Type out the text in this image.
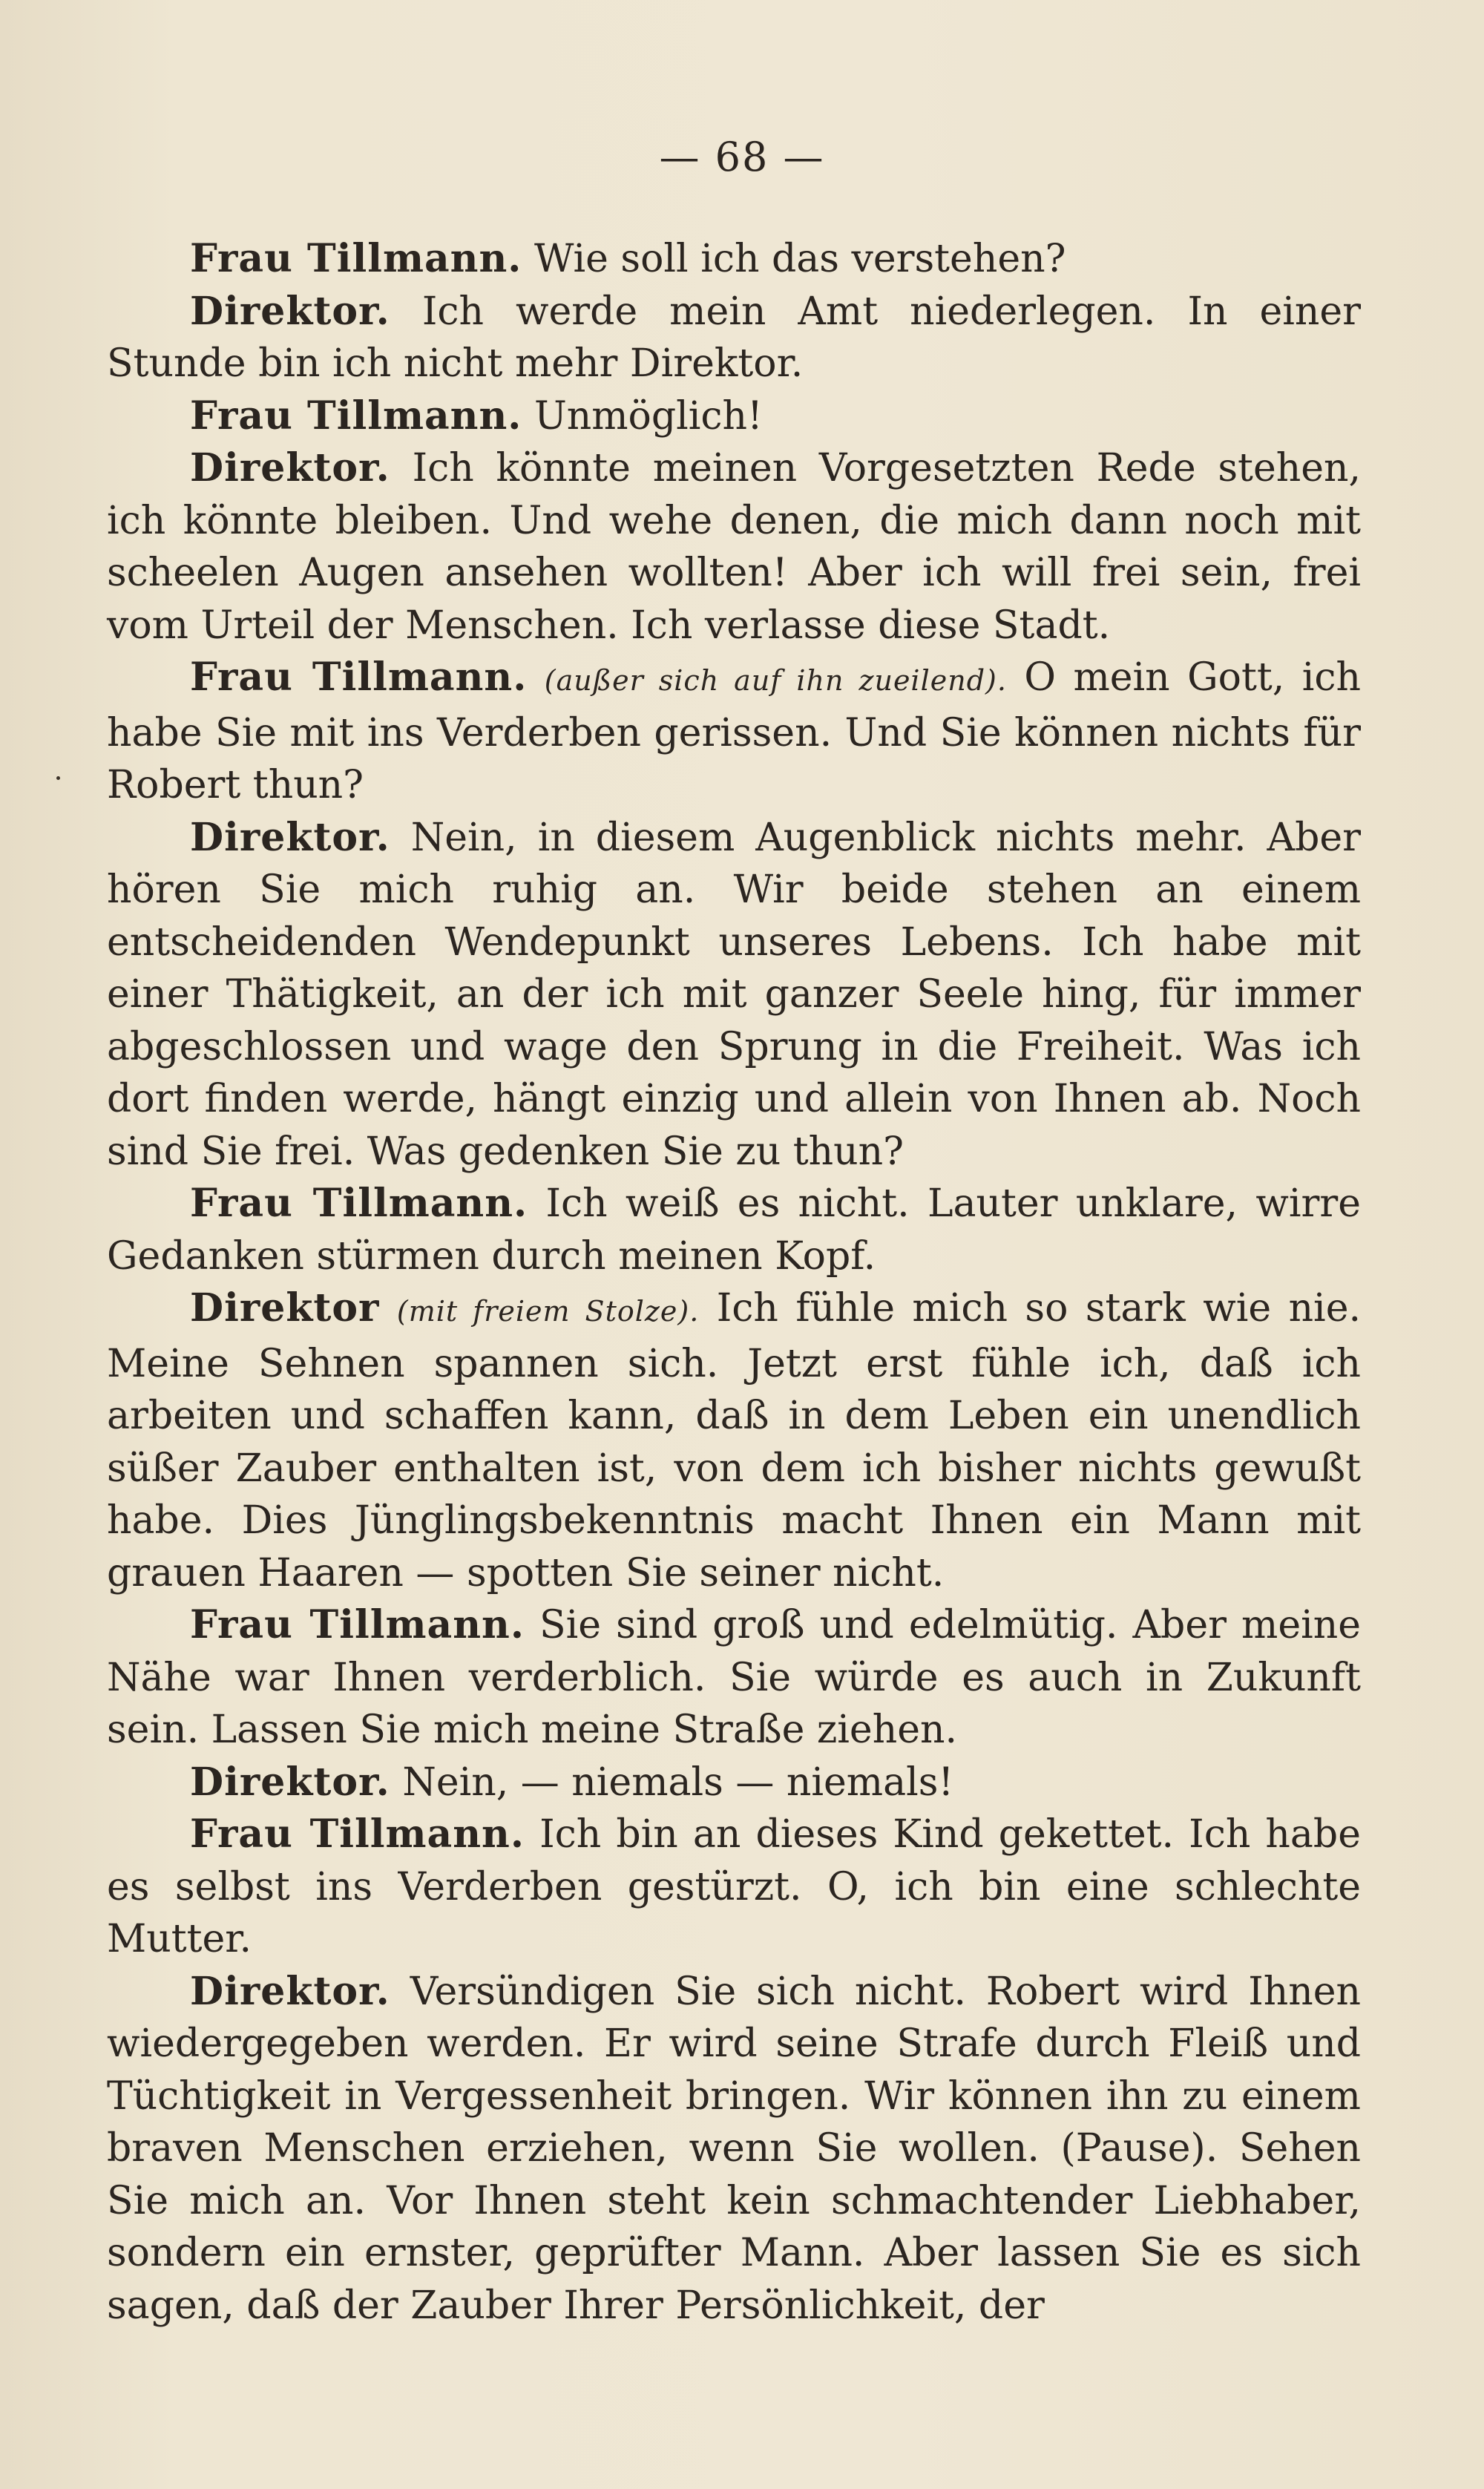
— 68 —

Frau Tillmann. Wie soll ich das verstehen?

Direktor. Ich werde mein Amt niederlegen. In einer Stunde bin ich nicht mehr Direktor.

Frau Tillmann. Unmöglich!

Direktor. Ich könnte meinen Vorgesetzten Rede stehen, ich könnte bleiben. Und wehe denen, die mich dann noch mit scheelen Augen ansehen wollten! Aber ich will frei sein, frei vom Urteil der Menschen. Ich verlasse diese Stadt.

Frau Tillmann. (außer sich auf ihn zueilend). O mein Gott, ich habe Sie mit ins Verderben gerissen. Und Sie können nichts für Robert thun?

Direktor. Nein, in diesem Augenblick nichts mehr. Aber hören Sie mich ruhig an. Wir beide stehen an einem entscheidenden Wendepunkt unseres Lebens. Ich habe mit einer Thätigkeit, an der ich mit ganzer Seele hing, für immer abgeschlossen und wage den Sprung in die Freiheit. Was ich dort finden werde, hängt einzig und allein von Ihnen ab. Noch sind Sie frei. Was gedenken Sie zu thun?

Frau Tillmann. Ich weiß es nicht. Lauter unklare, wirre Gedanken stürmen durch meinen Kopf.

Direktor (mit freiem Stolze). Ich fühle mich so stark wie nie. Meine Sehnen spannen sich. Jetzt erst fühle ich, daß ich arbeiten und schaffen kann, daß in dem Leben ein unendlich süßer Zauber enthalten ist, von dem ich bisher nichts gewußt habe. Dies Jünglingsbekenntnis macht Ihnen ein Mann mit grauen Haaren — spotten Sie seiner nicht.

Frau Tillmann. Sie sind groß und edelmütig. Aber meine Nähe war Ihnen verderblich. Sie würde es auch in Zukunft sein. Lassen Sie mich meine Straße ziehen.

Direktor. Nein, — niemals — niemals!

Frau Tillmann. Ich bin an dieses Kind gekettet. Ich habe es selbst ins Verderben gestürzt. O, ich bin eine schlechte Mutter.

Direktor. Versündigen Sie sich nicht. Robert wird Ihnen wiedergegeben werden. Er wird seine Strafe durch Fleiß und Tüchtigkeit in Vergessenheit bringen. Wir können ihn zu einem braven Menschen erziehen, wenn Sie wollen. (Pause). Sehen Sie mich an. Vor Ihnen steht kein schmachtender Liebhaber, sondern ein ernster, geprüfter Mann. Aber lassen Sie es sich sagen, daß der Zauber Ihrer Persönlichkeit, der
